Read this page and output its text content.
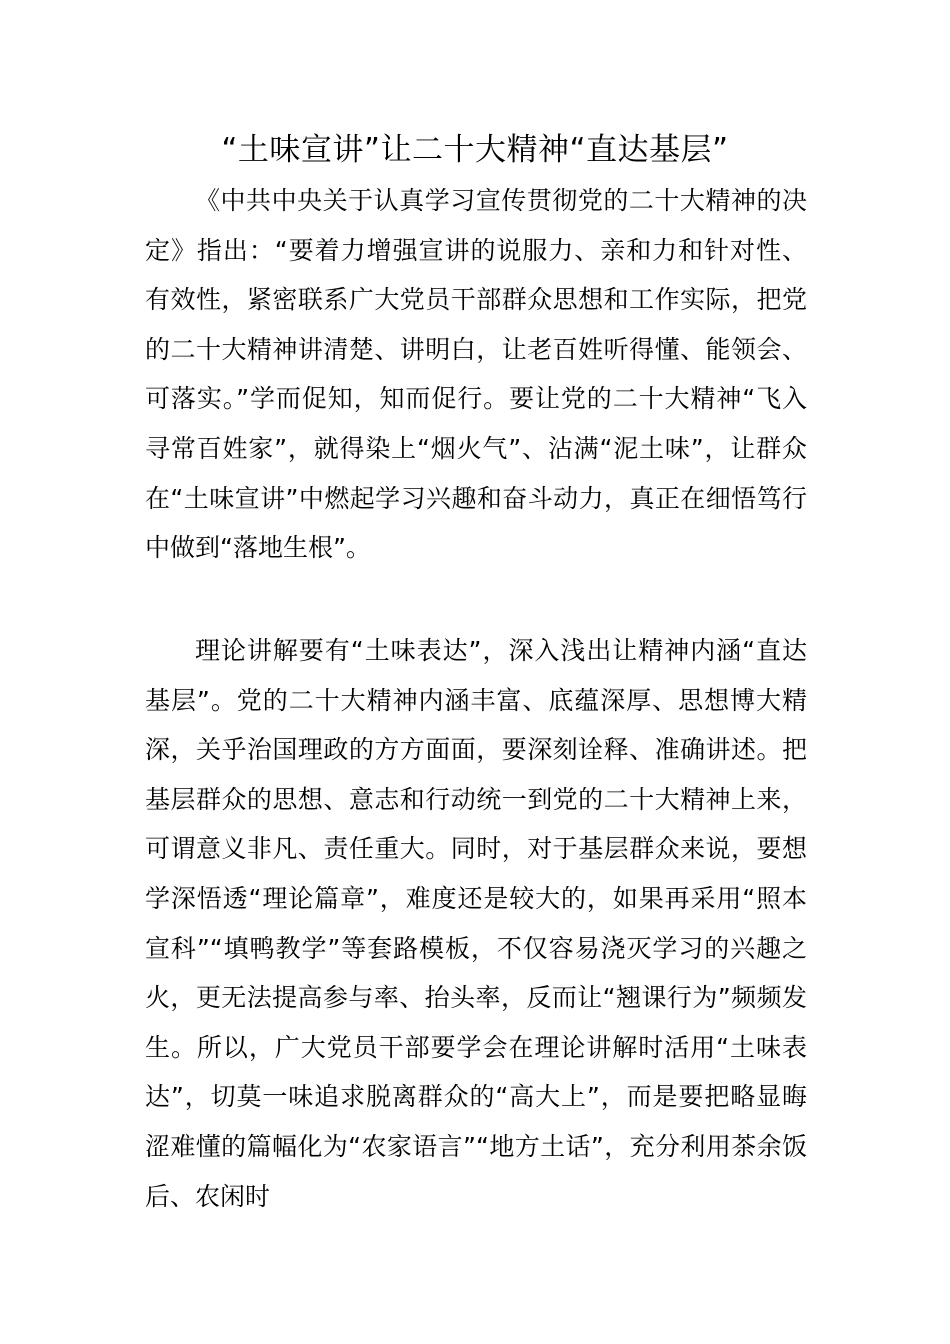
“土味宣讲”让二十大精神“直达基层”

《中共中央关于认真学习宣传贯彻党的二十大精神的决定》指出：“要着力增强宣讲的说服力、亲和力和针对性、有效性，紧密联系广大党员干部群众思想和工作实际，把党的二十大精神讲清楚、讲明白，让老百姓听得懂、能领会、可落实。”学而促知，知而促行。要让党的二十大精神“飞入寻常百姓家”，就得染上“烟火气”、沾满“泥土味”，让群众在“土味宣讲”中燃起学习兴趣和奋斗动力，真正在细悟笃行中做到“落地生根”。

理论讲解要有“土味表达”，深入浅出让精神内涵“直达基层”。党的二十大精神内涵丰富、底蕴深厚、思想博大精深，关乎治国理政的方方面面，要深刻诠释、准确讲述。把基层群众的思想、意志和行动统一到党的二十大精神上来，可谓意义非凡、责任重大。同时，对于基层群众来说，要想学深悟透“理论篇章”，难度还是较大的，如果再采用“照本宣科”“填鸭教学”等套路模板，不仅容易浇灭学习的兴趣之火，更无法提高参与率、抬头率，反而让“翘课行为”频频发生。所以，广大党员干部要学会在理论讲解时活用“土味表达”，切莫一味追求脱离群众的“高大上”，而是要把略显晦涩难懂的篇幅化为“农家语言”“地方土话”，充分利用茶余饭后、农闲时
